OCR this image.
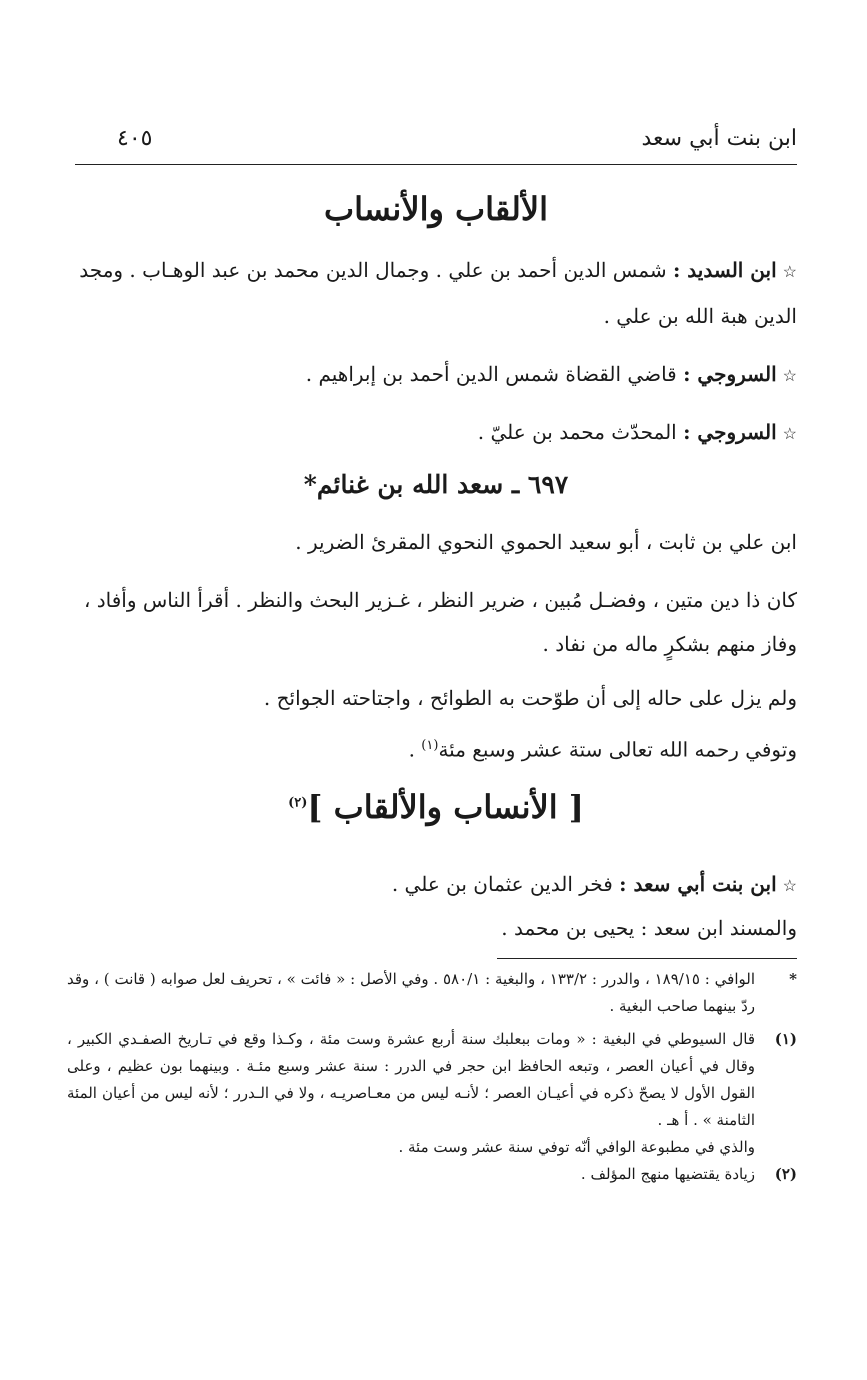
ابن بنت أبي سعد
٤٠٥
الألقاب والأنساب
☆ابن السديد : شمس الدين أحمد بن علي . وجمال الدين محمد بن عبد الوهـاب . ومجد الدين هبة الله بن علي .
☆السروجي : قاضي القضاة شمس الدين أحمد بن إبراهيم .
☆السروجي : المحدّث محمد بن عليّ .
٦٩٧ ـ سعد الله بن غنائم*
ابن علي بن ثابت ، أبو سعيد الحموي النحوي المقرئ الضرير .
كان ذا دين متين ، وفضـل مُبين ، ضرير النظر ، غـزير البحث والنظر . أقرأ الناس وأفاد ، وفاز منهم بشكرٍ ماله من نفاد .
ولم يزل على حاله إلى أن طوّحت به الطوائح ، واجتاحته الجوائح .
وتوفي رحمه الله تعالى ستة عشر وسبع مئة$^{(١)}$ .
[ الأنساب والألقاب ]$^{(٢)}$
☆ابن بنت أبي سعد : فخر الدين عثمان بن علي .
والمسند ابن سعد : يحيى بن محمد .
*
الوافي : ١٨٩/١٥ ، والدرر : ١٣٣/٢ ، والبغية : ٥٨٠/١ . وفي الأصل : « فائت » ، تحريف لعل صوابه ( قانت ) ، وقد ردّ بينهما صاحب البغية .
(١)
قال السيوطي في البغية : « ومات ببعلبك سنة أربع عشرة وست مئة ، وكـذا وقع في تـاريخ الصفـدي الكبير ، وقال في أعيان العصر ، وتبعه الحافظ ابن حجر في الدرر : سنة عشر وسبع مئـة . وبينهما بون عظيم ، وعلى القول الأول لا يصحّ ذكره في أعيـان العصر ؛ لأنـه ليس من معـاصريـه ، ولا في الـدرر ؛ لأنه ليس من أعيان المئة الثامنة » . أ هـ .
والذي في مطبوعة الوافي أنّه توفي سنة عشر وست مئة .
(٢)
زيادة يقتضيها منهج المؤلف .
